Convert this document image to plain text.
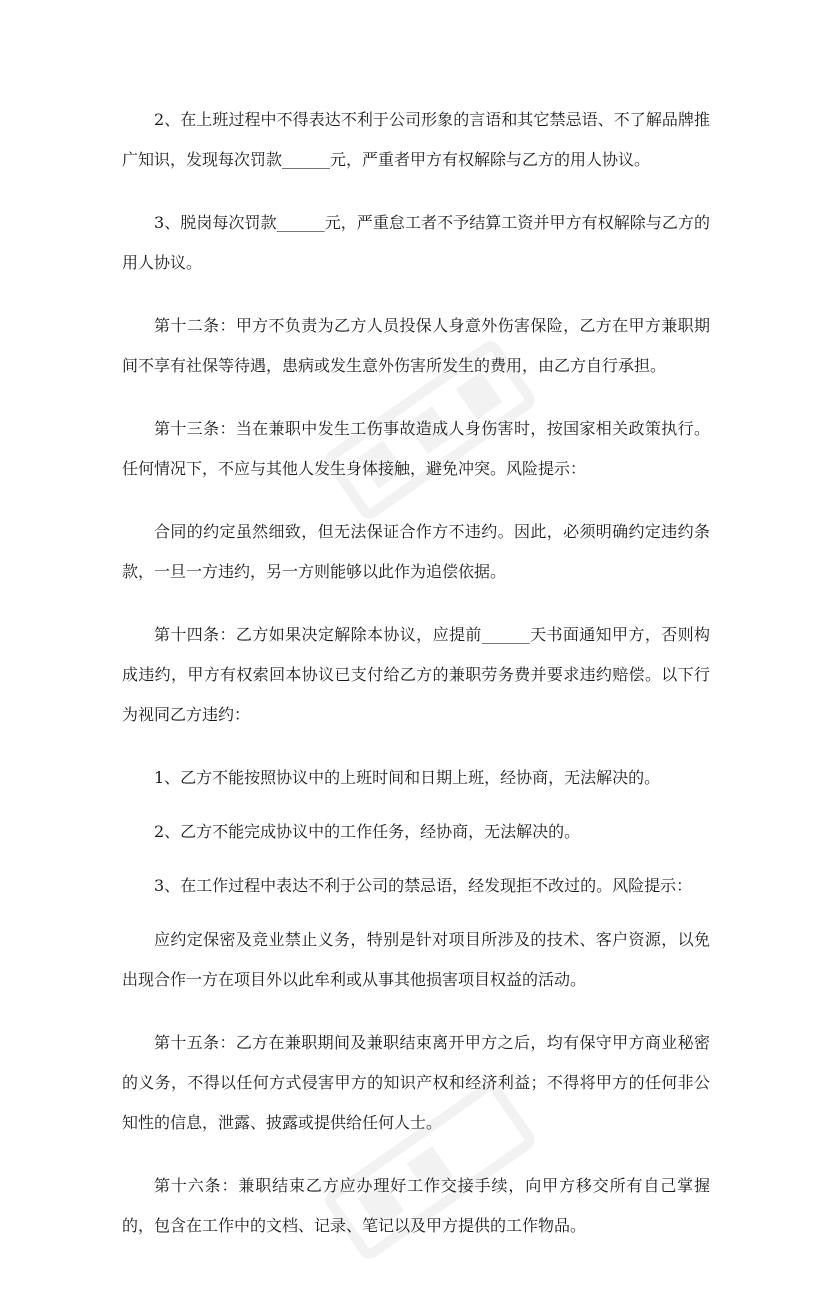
2、在上班过程中不得表达不利于公司形象的言语和其它禁忌语、不了解品牌推广知识，发现每次罚款______元，严重者甲方有权解除与乙方的用人协议。

3、脱岗每次罚款______元，严重怠工者不予结算工资并甲方有权解除与乙方的用人协议。

第十二条：甲方不负责为乙方人员投保人身意外伤害保险，乙方在甲方兼职期间不享有社保等待遇，患病或发生意外伤害所发生的费用，由乙方自行承担。

第十三条：当在兼职中发生工伤事故造成人身伤害时，按国家相关政策执行。任何情况下，不应与其他人发生身体接触，避免冲突。风险提示：

合同的约定虽然细致，但无法保证合作方不违约。因此，必须明确约定违约条款，一旦一方违约，另一方则能够以此作为追偿依据。

第十四条：乙方如果决定解除本协议，应提前______天书面通知甲方，否则构成违约，甲方有权索回本协议已支付给乙方的兼职劳务费并要求违约赔偿。以下行为视同乙方违约：

1、乙方不能按照协议中的上班时间和日期上班，经协商，无法解决的。

2、乙方不能完成协议中的工作任务，经协商，无法解决的。

3、在工作过程中表达不利于公司的禁忌语，经发现拒不改过的。风险提示：

应约定保密及竞业禁止义务，特别是针对项目所涉及的技术、客户资源，以免出现合作一方在项目外以此牟利或从事其他损害项目权益的活动。

第十五条：乙方在兼职期间及兼职结束离开甲方之后，均有保守甲方商业秘密的义务，不得以任何方式侵害甲方的知识产权和经济利益；不得将甲方的任何非公知性的信息，泄露、披露或提供给任何人士。

第十六条：兼职结束乙方应办理好工作交接手续，向甲方移交所有自己掌握的，包含在工作中的文档、记录、笔记以及甲方提供的工作物品。
